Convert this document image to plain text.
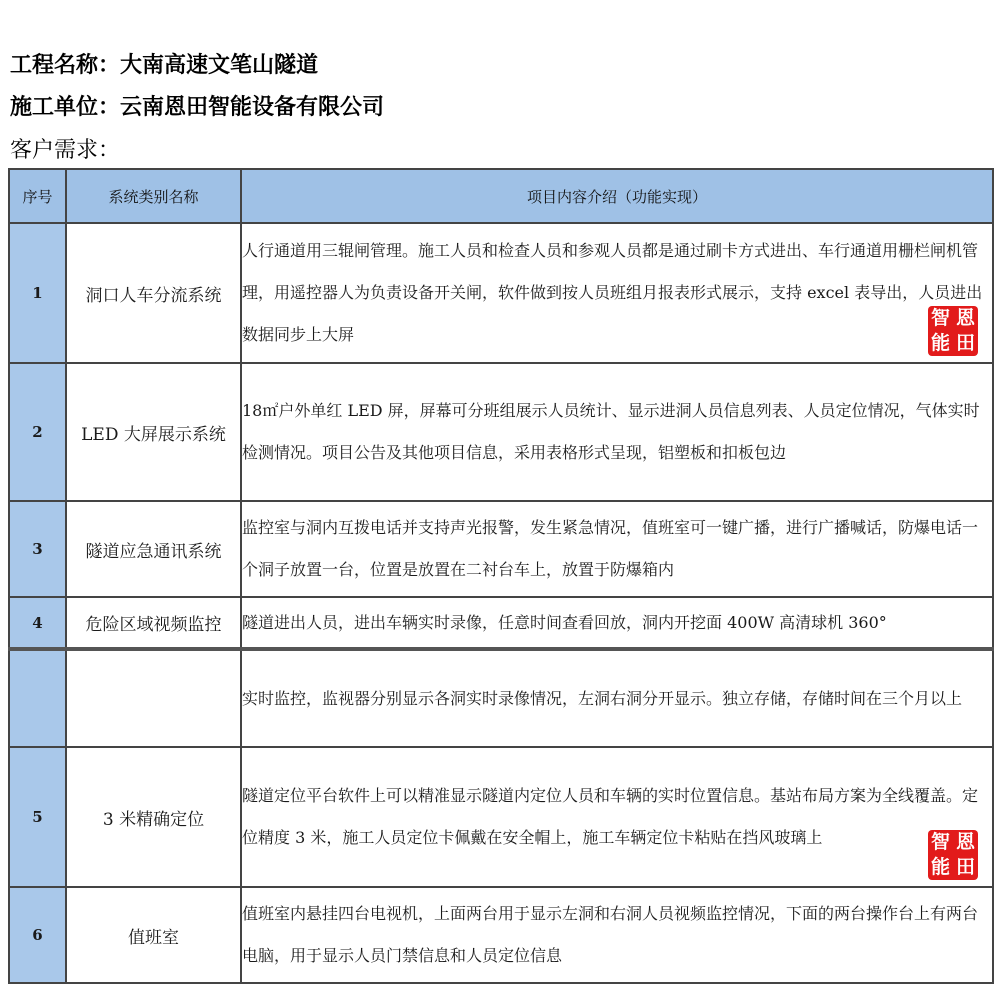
工程名称：大南高速文笔山隧道
施工单位：云南恩田智能设备有限公司
客户需求：
序号	系统类别名称	项目内容介绍（功能实现）
1	洞口人车分流系统	人行通道用三辊闸管理。施工人员和检查人员和参观人员都是通过刷卡方式进出、车行通道用栅栏闸机管理，用遥控器人为负责设备开关闸，软件做到按人员班组月报表形式展示，支持 excel 表导出，人员进出数据同步上大屏
智 恩
能 田

2	LED 大屏展示系统	18㎡户外单红 LED 屏，屏幕可分班组展示人员统计、显示进洞人员信息列表、人员定位情况，气体实时检测情况。项目公告及其他项目信息，采用表格形式呈现，铝塑板和扣板包边
3	隧道应急通讯系统	监控室与洞内互拨电话并支持声光报警，发生紧急情况，值班室可一键广播，进行广播喊话，防爆电话一个洞子放置一台，位置是放置在二衬台车上，放置于防爆箱内
4	危险区域视频监控	隧道进出人员，进出车辆实时录像，任意时间查看回放，洞内开挖面 400W 高清球机 360°
		实时监控，监视器分别显示各洞实时录像情况，左洞右洞分开显示。独立存储，存储时间在三个月以上
5	3 米精确定位	隧道定位平台软件上可以精准显示隧道内定位人员和车辆的实时位置信息。基站布局方案为全线覆盖。定位精度 3 米，施工人员定位卡佩戴在安全帽上，施工车辆定位卡粘贴在挡风玻璃上 智 恩
能 田

6	值班室	值班室内悬挂四台电视机，上面两台用于显示左洞和右洞人员视频监控情况，下面的两台操作台上有两台电脑，用于显示人员门禁信息和人员定位信息
